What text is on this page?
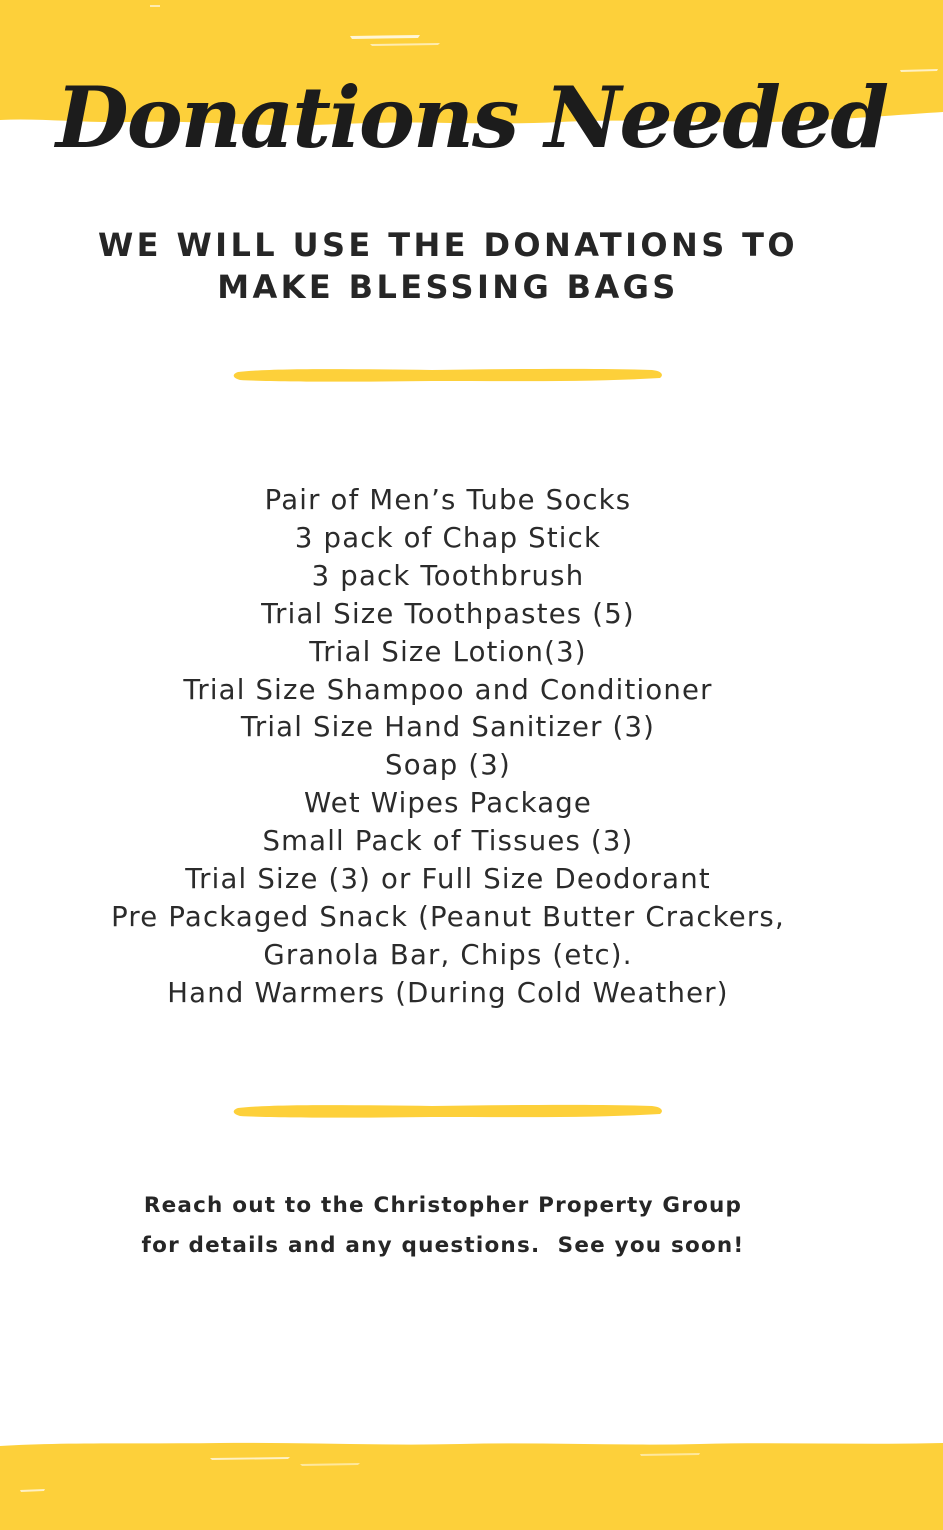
Donations Needed
WE WILL USE THE DONATIONS TO
MAKE BLESSING BAGS
Pair of Men’s Tube Socks
3 pack of Chap Stick
3 pack Toothbrush
Trial Size Toothpastes (5)
Trial Size Lotion(3)
Trial Size Shampoo and Conditioner
Trial Size Hand Sanitizer (3)
Soap (3)
Wet Wipes Package
Small Pack of Tissues (3)
Trial Size (3) or Full Size Deodorant
Pre Packaged Snack (Peanut Butter Crackers,
Granola Bar, Chips (etc).
Hand Warmers (During Cold Weather)
Reach out to the Christopher Property Group
for details and any questions.  See you soon!
